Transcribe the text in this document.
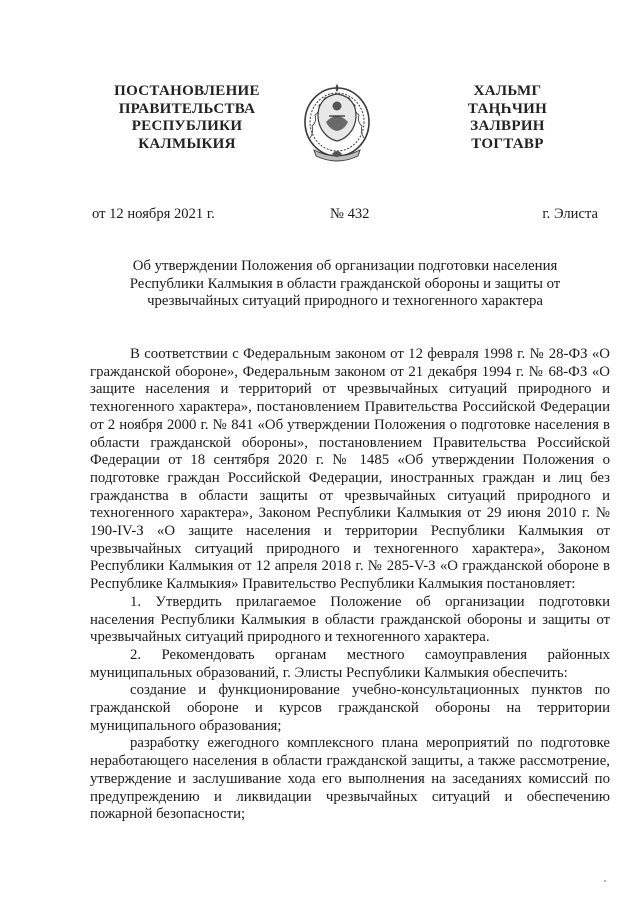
ПОСТАНОВЛЕНИЕ
ПРАВИТЕЛЬСТВА
РЕСПУБЛИКИ
КАЛМЫКИЯ
ХАЛЬМГ
ТАҢҺЧИН
ЗАЛВРИН
ТОГТАВР
от 12 ноября 2021 г.	№ 432	г. Элиста
Об утверждении Положения об организации подготовки населения
Республики Калмыкия в области гражданской обороны и защиты от
чрезвычайных ситуаций природного и техногенного характера

В соответствии с Федеральным законом от 12 февраля 1998 г. № 28-ФЗ «О гражданской обороне», Федеральным законом от 21 декабря 1994 г. № 68-ФЗ «О защите населения и территорий от чрезвычайных ситуаций природного и техногенного характера», постановлением Правительства Российской Федерации от 2 ноября 2000 г. № 841 «Об утверждении Положения о подготовке населения в области гражданской обороны», постановлением Правительства Российской Федерации от 18 сентября 2020 г. № 1485 «Об утверждении Положения о подготовке граждан Российской Федерации, иностранных граждан и лиц без гражданства в области защиты от чрезвычайных ситуаций природного и техногенного характера», Законом Республики Калмыкия от 29 июня 2010 г. № 190-IV-З «О защите населения и территории Республики Калмыкия от чрезвычайных ситуаций природного и техногенного характера», Законом Республики Калмыкия от 12 апреля 2018 г. № 285-V-З «О гражданской обороне в Республике Калмыкия» Правительство Республики Калмыкия постановляет:

1. Утвердить прилагаемое Положение об организации подготовки населения Республики Калмыкия в области гражданской обороны и защиты от чрезвычайных ситуаций природного и техногенного характера.

2. Рекомендовать органам местного самоуправления районных муниципальных образований, г. Элисты Республики Калмыкия обеспечить:

создание и функционирование учебно-консультационных пунктов по гражданской обороне и курсов гражданской обороны на территории муниципального образования;

разработку ежегодного комплексного плана мероприятий по подготовке неработающего населения в области гражданской защиты, а также рассмотрение, утверждение и заслушивание хода его выполнения на заседаниях комиссий по предупреждению и ликвидации чрезвычайных ситуаций и обеспечению пожарной безопасности;
